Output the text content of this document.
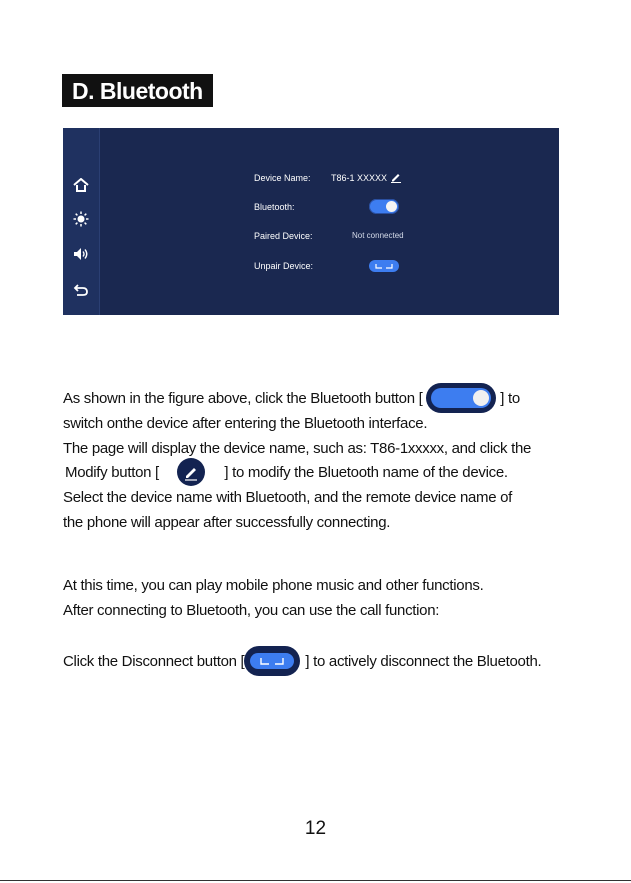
D. Bluetooth
Device Name: T86-1 XXXXX
Bluetooth:
Paired Device:	Not connected
Unpair Device:
As shown in the figure above, click the Bluetooth button [	] to
switch onthe device after entering the Bluetooth interface.
The page will display the device name, such as: T86-1xxxxx, and click the
Modify button [	] to modify the Bluetooth name of the device.
Select the device name with Bluetooth, and the remote device name of
the phone will appear after successfully connecting.
At this time, you can play mobile phone music and other functions.
After connecting to Bluetooth, you can use the call function:
Click the Disconnect button [	] to actively disconnect the Bluetooth.
12
